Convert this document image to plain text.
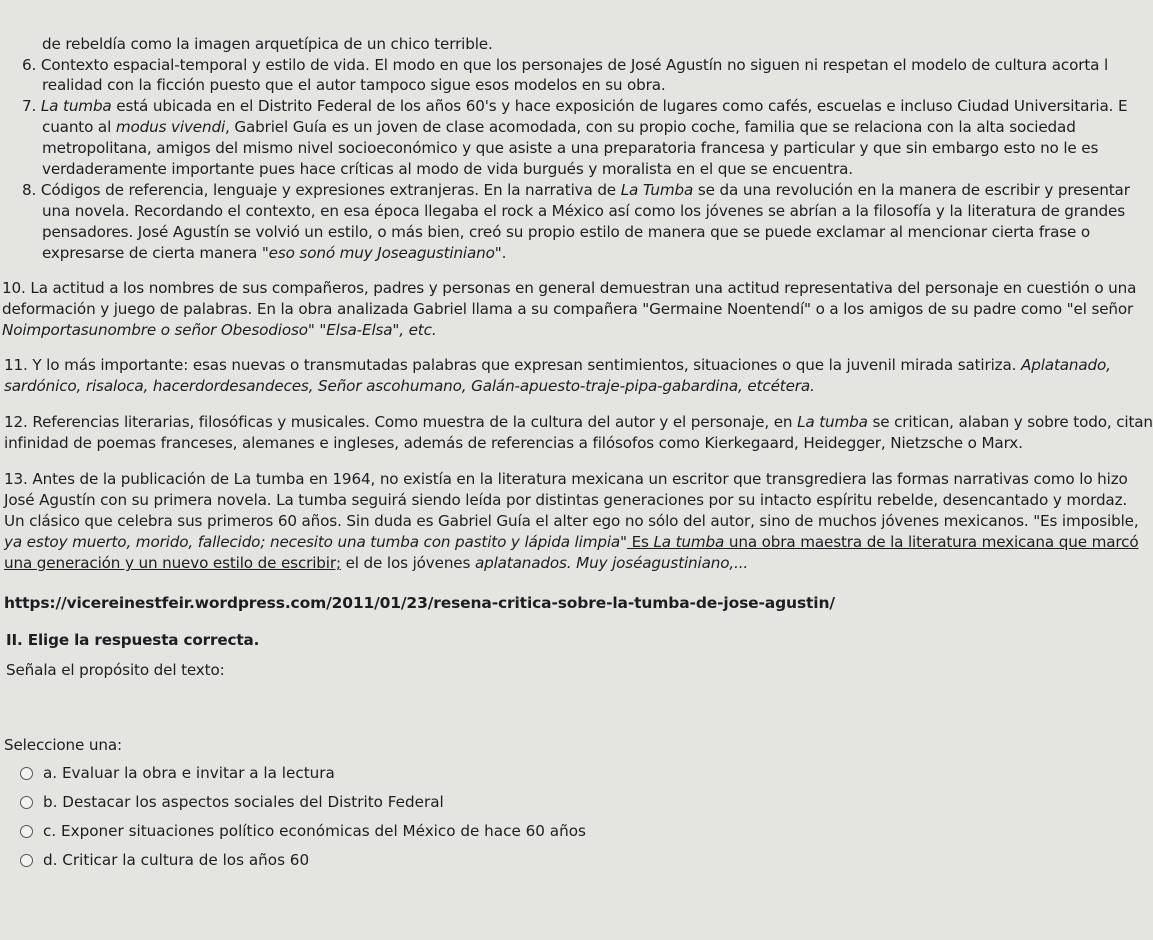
de rebeldía como la imagen arquetípica de un chico terrible.

6. Contexto espacial-temporal y estilo de vida. El modo en que los personajes de José Agustín no siguen ni respetan el modelo de cultura acorta l

realidad con la ficción puesto que el autor tampoco sigue esos modelos en su obra.

7. La tumba está ubicada en el Distrito Federal de los años 60's y hace exposición de lugares como cafés, escuelas e incluso Ciudad Universitaria. E

cuanto al modus vivendi, Gabriel Guía es un joven de clase acomodada, con su propio coche, familia que se relaciona con la alta sociedad

metropolitana, amigos del mismo nivel socioeconómico y que asiste a una preparatoria francesa y particular y que sin embargo esto no le es

verdaderamente importante pues hace críticas al modo de vida burgués y moralista en el que se encuentra.

8. Códigos de referencia, lenguaje y expresiones extranjeras. En la narrativa de La Tumba se da una revolución en la manera de escribir y presentar

una novela. Recordando el contexto, en esa época llegaba el rock a México así como los jóvenes se abrían a la filosofía y la literatura de grandes

pensadores. José Agustín se volvió un estilo, o más bien, creó su propio estilo de manera que se puede exclamar al mencionar cierta frase o

expresarse de cierta manera "eso sonó muy Joseagustiniano".

10. La actitud a los nombres de sus compañeros, padres y personas en general demuestran una actitud representativa del personaje en cuestión o una

deformación y juego de palabras. En la obra analizada Gabriel llama a su compañera "Germaine Noentendí" o a los amigos de su padre como "el señor

Noimportasunombre o señor Obesodioso" "Elsa-Elsa", etc.

11. Y lo más importante: esas nuevas o transmutadas palabras que expresan sentimientos, situaciones o que la juvenil mirada satiriza. Aplatanado,

sardónico, risaloca, hacerdordesandeces, Señor ascohumano, Galán-apuesto-traje-pipa-gabardina, etcétera.

12. Referencias literarias, filosóficas y musicales. Como muestra de la cultura del autor y el personaje, en La tumba se critican, alaban y sobre todo, citan

infinidad de poemas franceses, alemanes e ingleses, además de referencias a filósofos como Kierkegaard, Heidegger, Nietzsche o Marx.

13. Antes de la publicación de La tumba en 1964, no existía en la literatura mexicana un escritor que transgrediera las formas narrativas como lo hizo

José Agustín con su primera novela. La tumba seguirá siendo leída por distintas generaciones por su intacto espíritu rebelde, desencantado y mordaz.

Un clásico que celebra sus primeros 60 años. Sin duda es Gabriel Guía el alter ego no sólo del autor, sino de muchos jóvenes mexicanos. "Es imposible,

ya estoy muerto, morido, fallecido; necesito una tumba con pastito y lápida limpia" Es La tumba una obra maestra de la literatura mexicana que marcó

una generación y un nuevo estilo de escribir; el de los jóvenes aplatanados. Muy joséagustiniano,...

https://vicereinestfeir.wordpress.com/2011/01/23/resena-critica-sobre-la-tumba-de-jose-agustin/

II. Elige la respuesta correcta.

Señala el propósito del texto:

Seleccione una:

a. Evaluar la obra e invitar a la lectura
b. Destacar los aspectos sociales del Distrito Federal
c. Exponer situaciones político económicas del México de hace 60 años
d. Criticar la cultura de los años 60
